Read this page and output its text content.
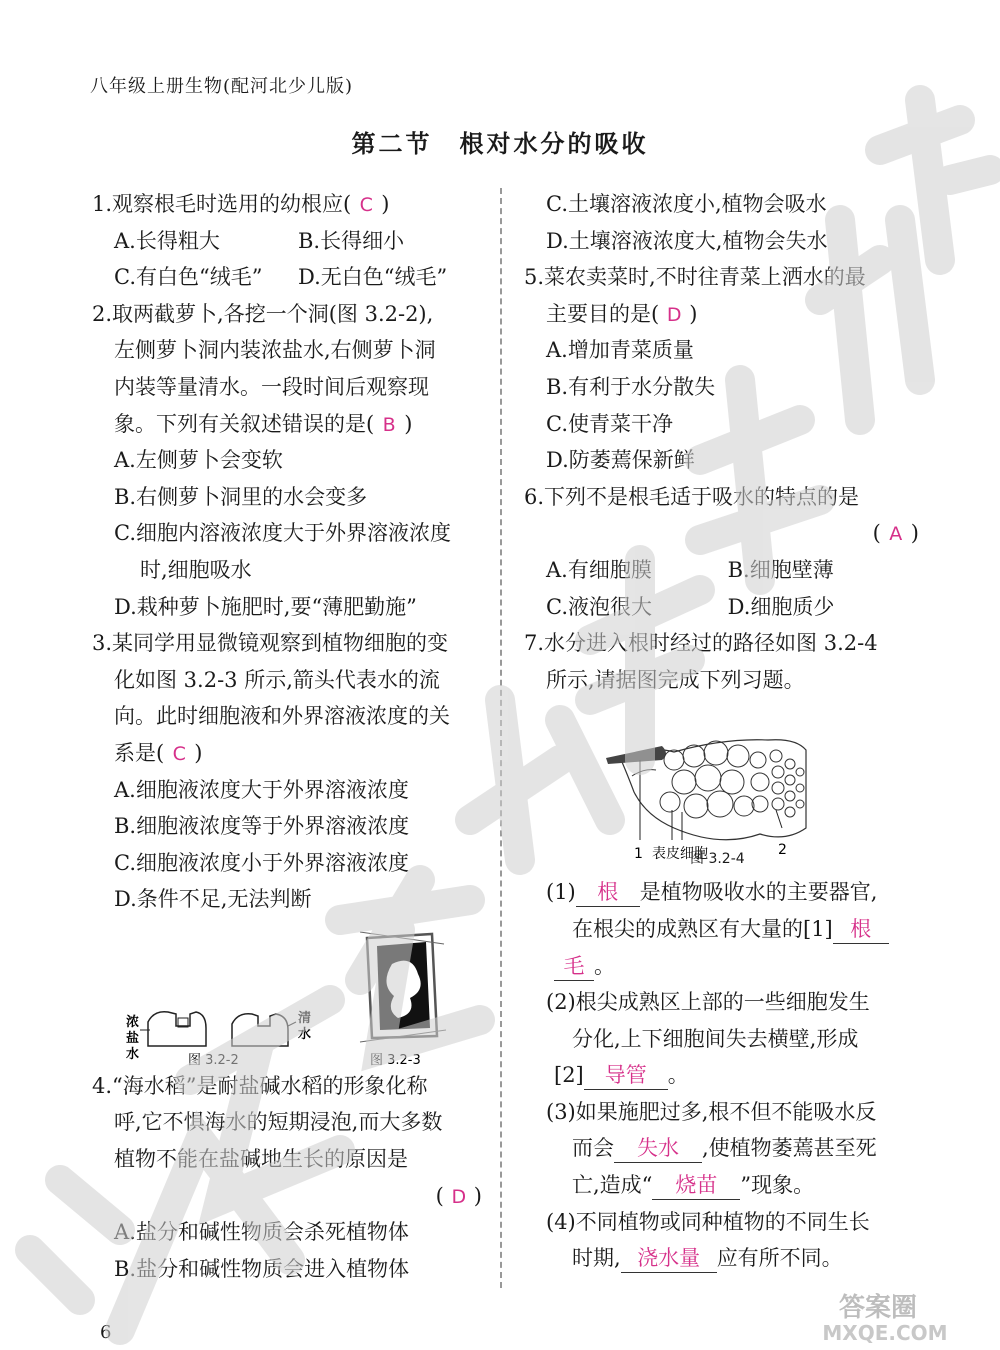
八年级上册生物(配河北少儿版)
第二节　根对水分的吸收
1.观察根毛时选用的幼根应( C )
A.长得粗大	B.长得细小
C.有白色“绒毛”	D.无白色“绒毛”
2.取两截萝卜,各挖一个洞(图 3.2-2),
左侧萝卜洞内装浓盐水,右侧萝卜洞
内装等量清水。一段时间后观察现
象。下列有关叙述错误的是( B )
A.左侧萝卜会变软
B.右侧萝卜洞里的水会变多
C.细胞内溶液浓度大于外界溶液浓度
时,细胞吸水
D.栽种萝卜施肥时,要“薄肥勤施”
3.某同学用显微镜观察到植物细胞的变
化如图 3.2-3 所示,箭头代表水的流
向。此时细胞液和外界溶液浓度的关
系是( C )
A.细胞液浓度大于外界溶液浓度
B.细胞液浓度等于外界溶液浓度
C.细胞液浓度小于外界溶液浓度
D.条件不足,无法判断
浓
盐
水
清
水
图 3.2-2	图 3.2-3
4.“海水稻”是耐盐碱水稻的形象化称
呼,它不惧海水的短期浸泡,而大多数
植物不能在盐碱地生长的原因是
( D )
A.盐分和碱性物质会杀死植物体
B.盐分和碱性物质会进入植物体
C.土壤溶液浓度小,植物会吸水
D.土壤溶液浓度大,植物会失水
5.菜农卖菜时,不时往青菜上洒水的最
主要目的是( D )
A.增加青菜质量
B.有利于水分散失
C.使青菜干净
D.防萎蔫保新鲜
6.下列不是根毛适于吸水的特点的是
( A )
A.有细胞膜	B.细胞壁薄
C.液泡很大	D.细胞质少
7.水分进入根时经过的路径如图 3.2-4
所示,请据图完成下列习题。
1 表皮细胞	2
图 3.2-4
(1) 根 是植物吸收水的主要器官,
在根尖的成熟区有大量的[1] 根
毛 。
(2)根尖成熟区上部的一些细胞发生
分化,上下细胞间失去横壁,形成
[2] 导管 。
(3)如果施肥过多,根不但不能吸水反
而会 失水 ,使植物萎蔫甚至死
亡,造成“ 烧苗 ”现象。
(4)不同植物或同种植物的不同生长
时期, 浇水量 应有所不同。
6
答案圈
MXQE.COM
